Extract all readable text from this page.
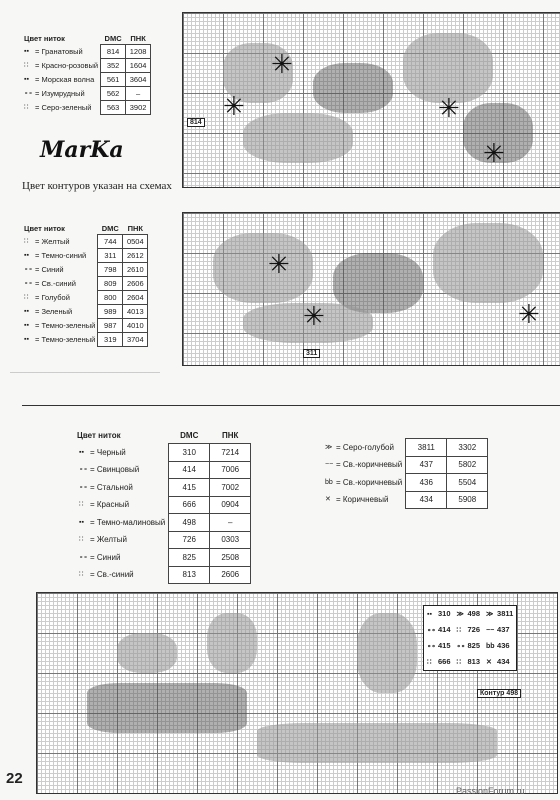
Цвет ниток	DMC	ПНК
▪▪ = Гранатовый	814	1208
∷ = Красно-розовый	352	1604
▪▪ = Морская волна	561	3604
∘∘ = Изумрудный	562	–
∷ = Серо-зеленый	563	3902
MarKa
Цвет контуров указан на схемах
Цвет ниток	DMC	ПНК
∷ = Желтый	744	0504
▪▪ = Темно-синий	311	2612
∘∘ = Синий	798	2610
∘∘ = Св.-синий	809	2606
∷ = Голубой	800	2604
▪▪ = Зеленый	989	4013
▪▪ = Темно-зеленый	987	4010
▪▪ = Темно-зеленый	319	3704
✳
✳	✳
✳
814
✳
✳	✳
311
Цвет ниток	DMC	ПНК
▪▪ = Черный	310	7214
∘∘ = Свинцовый	414	7006
∘∘ = Стальной	415	7002
∷ = Красный	666	0904
▪▪ = Темно-малиновый	498	–
∷ = Желтый	726	0303
∘∘ = Синий	825	2508
∷ = Св.-синий	813	2606
≫ = Серо-голубой	3811	3302
−− = Св.-коричневый	437	5802
bb = Св.-коричневый	436	5504
✕ = Коричневый	434	5908
▪▪ 310	≫ 498	≫ 3811
∘∘ 414	∷ 726	−− 437
∘∘ 415	∘∘ 825	bb 436
∷ 666	∷ 813	✕ 434
Контур 498
22
PassionForum.ru
